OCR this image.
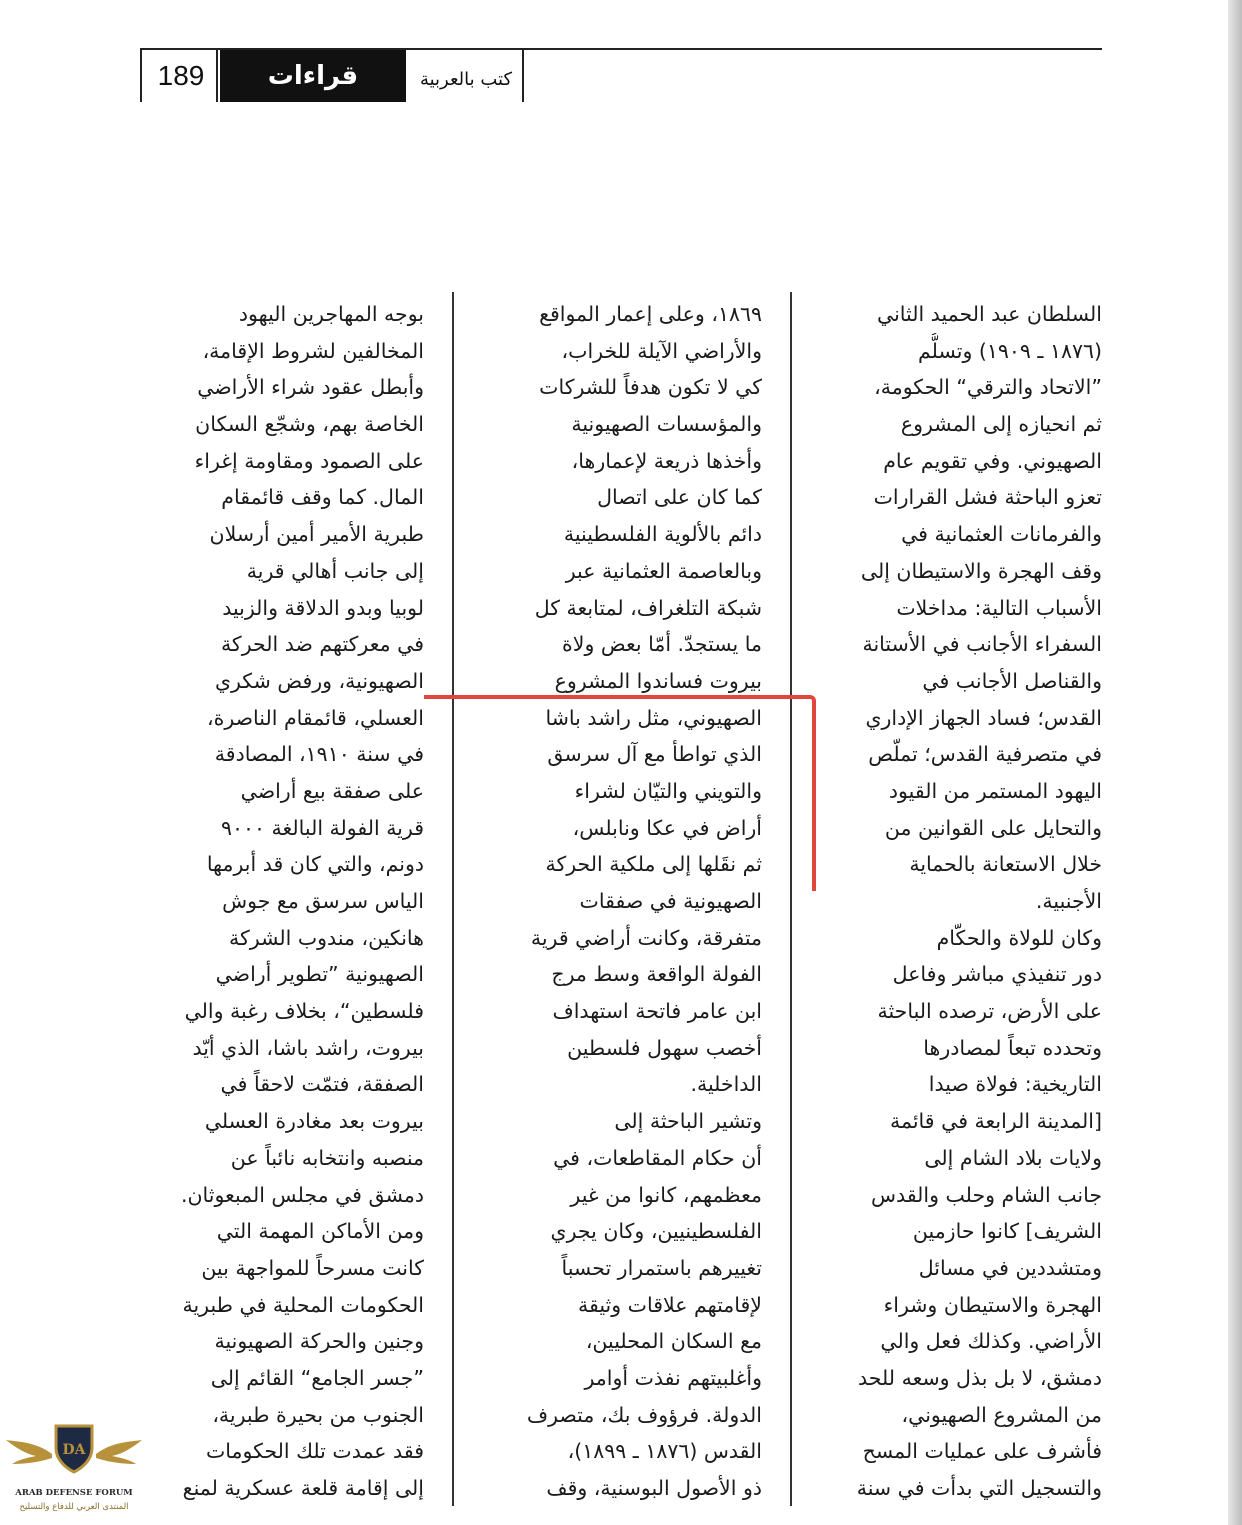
189	قراءات	كتب بالعربية
السلطان عبد الحميد الثاني
(١٨٧٦ ـ ١٩٠٩) وتسلُّم
”الاتحاد والترقي“ الحكومة،
ثم انحيازه إلى المشروع
الصهيوني. وفي تقويم عام
تعزو الباحثة فشل القرارات
والفرمانات العثمانية في
وقف الهجرة والاستيطان إلى
الأسباب التالية: مداخلات
السفراء الأجانب في الأستانة
والقناصل الأجانب في
القدس؛ فساد الجهاز الإداري
في متصرفية القدس؛ تملّص
اليهود المستمر من القيود
والتحايل على القوانين من
خلال الاستعانة بالحماية
الأجنبية.
وكان للولاة والحكّام
دور تنفيذي مباشر وفاعل
على الأرض، ترصده الباحثة
وتحدده تبعاً لمصادرها
التاريخية: فولاة صيدا
[المدينة الرابعة في قائمة
ولايات بلاد الشام إلى
جانب الشام وحلب والقدس
الشريف] كانوا حازمين
ومتشددين في مسائل
الهجرة والاستيطان وشراء
الأراضي. وكذلك فعل والي
دمشق، لا بل بذل وسعه للحد
من المشروع الصهيوني،
فأشرف على عمليات المسح
والتسجيل التي بدأت في سنة
١٨٦٩، وعلى إعمار المواقع
والأراضي الآيلة للخراب،
كي لا تكون هدفاً للشركات
والمؤسسات الصهيونية
وأخذها ذريعة لإعمارها،
كما كان على اتصال
دائم بالألوية الفلسطينية
وبالعاصمة العثمانية عبر
شبكة التلغراف، لمتابعة كل
ما يستجدّ. أمّا بعض ولاة
بيروت فساندوا المشروع
الصهيوني، مثل راشد باشا
الذي تواطأ مع آل سرسق
والتويني والتيّان لشراء
أراض في عكا ونابلس،
ثم نقَلها إلى ملكية الحركة
الصهيونية في صفقات
متفرقة، وكانت أراضي قرية
الفولة الواقعة وسط مرج
ابن عامر فاتحة استهداف
أخصب سهول فلسطين
الداخلية.
وتشير الباحثة إلى
أن حكام المقاطعات، في
معظمهم، كانوا من غير
الفلسطينيين، وكان يجري
تغييرهم باستمرار تحسباً
لإقامتهم علاقات وثيقة
مع السكان المحليين،
وأغلبيتهم نفذت أوامر
الدولة. فرؤوف بك، متصرف
القدس (١٨٧٦ ـ ١٨٩٩)،
ذو الأصول البوسنية، وقف
بوجه المهاجرين اليهود
المخالفين لشروط الإقامة،
وأبطل عقود شراء الأراضي
الخاصة بهم، وشجّع السكان
على الصمود ومقاومة إغراء
المال. كما وقف قائمقام
طبرية الأمير أمين أرسلان
إلى جانب أهالي قرية
لوبيا وبدو الدلاقة والزبيد
في معركتهم ضد الحركة
الصهيونية، ورفض شكري
العسلي، قائمقام الناصرة،
في سنة ١٩١٠، المصادقة
على صفقة بيع أراضي
قرية الفولة البالغة ٩٠٠٠
دونم، والتي كان قد أبرمها
الياس سرسق مع جوش
هانكين، مندوب الشركة
الصهيونية ”تطوير أراضي
فلسطين“، بخلاف رغبة والي
بيروت، راشد باشا، الذي أيّد
الصفقة، فتمّت لاحقاً في
بيروت بعد مغادرة العسلي
منصبه وانتخابه نائباً عن
دمشق في مجلس المبعوثان.
ومن الأماكن المهمة التي
كانت مسرحاً للمواجهة بين
الحكومات المحلية في طبرية
وجنين والحركة الصهيونية
”جسر الجامع“ القائم إلى
الجنوب من بحيرة طبرية،
فقد عمدت تلك الحكومات
إلى إقامة قلعة عسكرية لمنع
DA
ARAB DEFENSE FORUM
المنتدى العربي للدفاع والتسليح
